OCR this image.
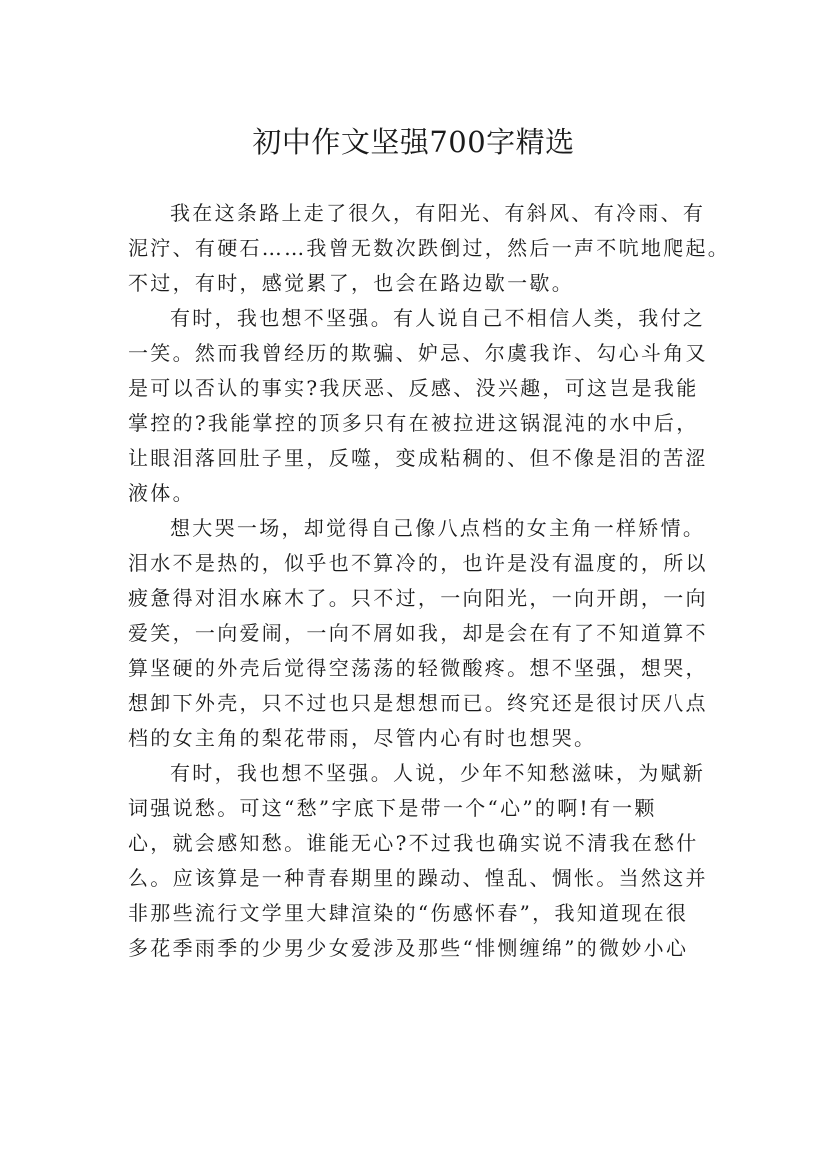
初中作文坚强700字精选

我在这条路上走了很久，有阳光、有斜风、有冷雨、有
泥泞、有硬石……我曾无数次跌倒过，然后一声不吭地爬起。
不过，有时，感觉累了，也会在路边歇一歇。

有时，我也想不坚强。有人说自己不相信人类，我付之
一笑。然而我曾经历的欺骗、妒忌、尔虞我诈、勾心斗角又
是可以否认的事实?我厌恶、反感、没兴趣，可这岂是我能
掌控的?我能掌控的顶多只有在被拉进这锅混沌的水中后，
让眼泪落回肚子里，反噬，变成粘稠的、但不像是泪的苦涩
液体。

想大哭一场，却觉得自己像八点档的女主角一样矫情。
泪水不是热的，似乎也不算冷的，也许是没有温度的，所以
疲惫得对泪水麻木了。只不过，一向阳光，一向开朗，一向
爱笑，一向爱闹，一向不屑如我，却是会在有了不知道算不
算坚硬的外壳后觉得空荡荡的轻微酸疼。想不坚强，想哭，
想卸下外壳，只不过也只是想想而已。终究还是很讨厌八点
档的女主角的梨花带雨，尽管内心有时也想哭。

有时，我也想不坚强。人说，少年不知愁滋味，为赋新
词强说愁。可这“愁”字底下是带一个“心”的啊!有一颗
心，就会感知愁。谁能无心?不过我也确实说不清我在愁什
么。应该算是一种青春期里的躁动、惶乱、惆怅。当然这并
非那些流行文学里大肆渲染的“伤感怀春”，我知道现在很
多花季雨季的少男少女爱涉及那些“悱恻缠绵”的微妙小心
